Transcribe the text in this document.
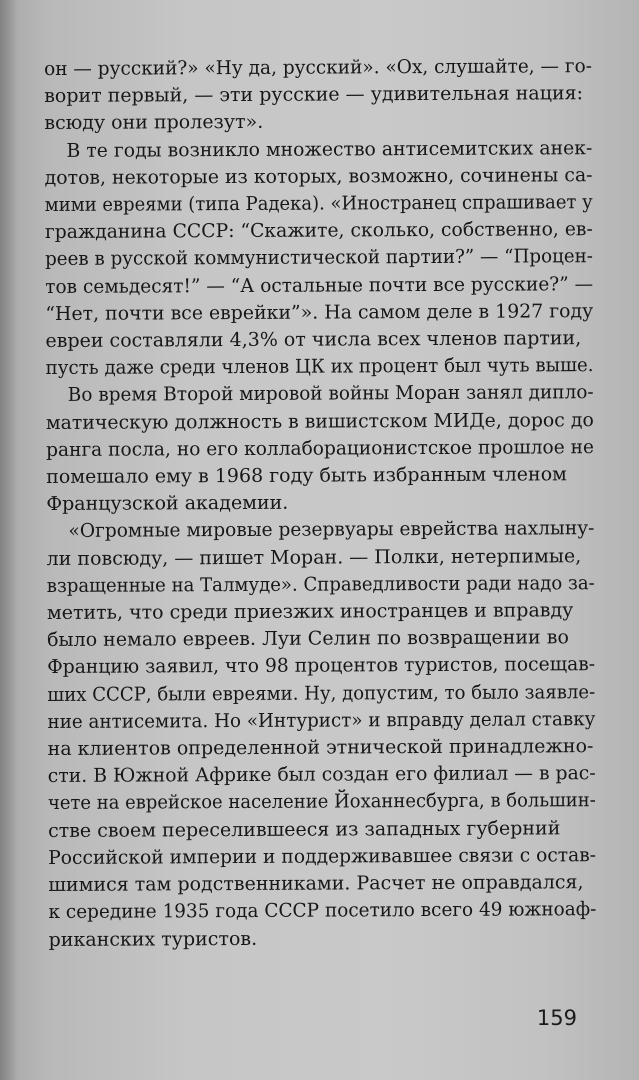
он — русский?» «Ну да, русский». «Ох, слушайте, — го-
ворит первый, — эти русские — удивительная нация:
всюду они пролезут».
В те годы возникло множество антисемитских анек-
дотов, некоторые из которых, возможно, сочинены са-
мими евреями (типа Радека). «Иностранец спрашивает у
гражданина СССР: “Скажите, сколько, собственно, ев-
реев в русской коммунистической партии?” — “Процен-
тов семьдесят!” — “А остальные почти все русские?” —
“Нет, почти все еврейки”». На самом деле в 1927 году
евреи составляли 4,3% от числа всех членов партии,
пусть даже среди членов ЦК их процент был чуть выше.
Во время Второй мировой войны Моран занял дипло-
матическую должность в вишистском МИДе, дорос до
ранга посла, но его коллаборационистское прошлое не
помешало ему в 1968 году быть избранным членом
Французской академии.
«Огромные мировые резервуары еврейства нахлыну-
ли повсюду, — пишет Моран. — Полки, нетерпимые,
взращенные на Талмуде». Справедливости ради надо за-
метить, что среди приезжих иностранцев и вправду
было немало евреев. Луи Селин по возвращении во
Францию заявил, что 98 процентов туристов, посещав-
ших СССР, были евреями. Ну, допустим, то было заявле-
ние антисемита. Но «Интурист» и вправду делал ставку
на клиентов определенной этнической принадлежно-
сти. В Южной Африке был создан его филиал — в рас-
чете на еврейское население Йоханнесбурга, в большин-
стве своем переселившееся из западных губерний
Российской империи и поддерживавшее связи с остав-
шимися там родственниками. Расчет не оправдался,
к середине 1935 года СССР посетило всего 49 южноаф-
риканских туристов.
159
